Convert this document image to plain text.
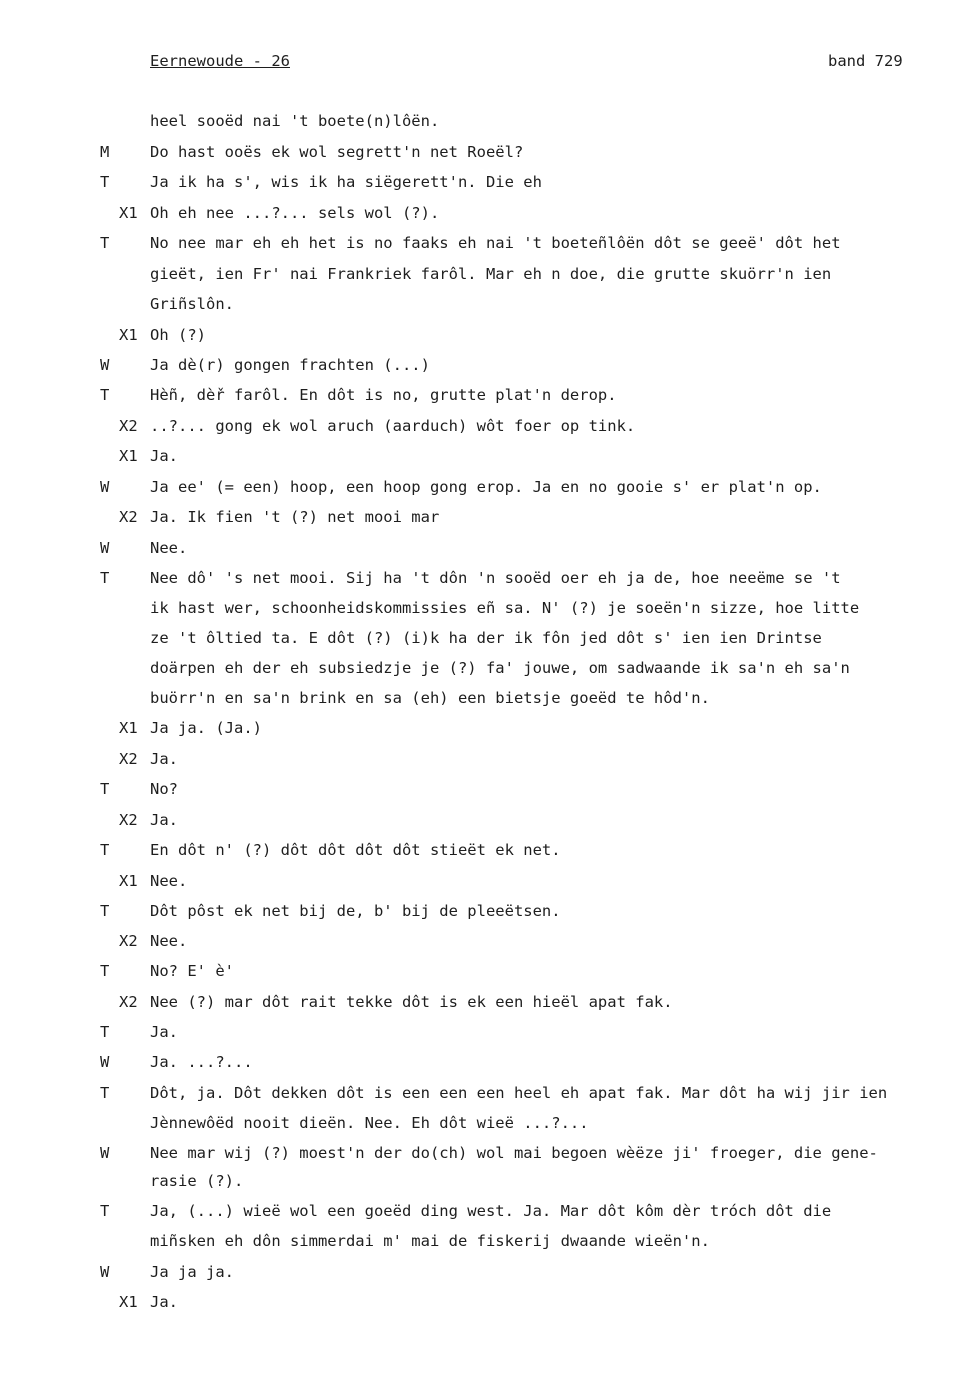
Eernewoude - 26	band 729
heel sooëd nai 't boete(n)lôën.
M	Do hast ooës ek wol segrett'n net Roeël?
T	Ja ik ha s', wis ik ha siëgerett'n. Die eh
X1 Oh eh nee ...?... sels wol (?).
T	No nee mar eh eh het is no faaks eh nai 't boeteñlôën dôt se geeë' dôt het
gieët, ien Fr' nai Frankriek farôl. Mar eh n doe, die grutte skuörr'n ien
Griñslôn.
X1 Oh (?)
W	Ja dè(r) gongen frachten (...)
T	Hèñ, dèř farôl. En dôt is no, grutte plat'n derop.
X2 ..?... gong ek wol aruch (aarduch) wôt foer op tink.
X1 Ja.
W	Ja ee' (= een) hoop, een hoop gong erop. Ja en no gooie s' er plat'n op.
X2 Ja. Ik fien 't (?) net mooi mar
W	Nee.
T	Nee dô' 's net mooi. Sij ha 't dôn 'n sooëd oer eh ja de, hoe neeëme se 't
ik hast wer, schoonheidskommissies eñ sa. N' (?) je soeën'n sizze, hoe litte
ze 't ôltied ta. E dôt (?) (i)k ha der ik fôn jed dôt s' ien ien Drintse
doärpen eh der eh subsiedzje je (?) fa' jouwe, om sadwaande ik sa'n eh sa'n
buörr'n en sa'n brink en sa (eh) een bietsje goeëd te hôd'n.
X1 Ja ja. (Ja.)
X2 Ja.
T	No?
X2 Ja.
T	En dôt n' (?) dôt dôt dôt dôt stieët ek net.
X1 Nee.
T	Dôt pôst ek net bij de, b' bij de pleeëtsen.
X2 Nee.
T	No? E' è'
X2 Nee (?) mar dôt rait tekke dôt is ek een hieël apat fak.
T	Ja.
W	Ja. ...?...
T	Dôt, ja. Dôt dekken dôt is een een een heel eh apat fak. Mar dôt ha wij jir ien
Jènnewôëd nooit dieën. Nee. Eh dôt wieë ...?...
W	Nee mar wij (?) moest'n der do(ch) wol mai begoen wèëze ji' froeger, die gene-
rasie (?).
T	Ja, (...) wieë wol een goeëd ding west. Ja. Mar dôt kôm dèr tróch dôt die
miñsken eh dôn simmerdai m' mai de fiskerij dwaande wieën'n.
W	Ja ja ja.
X1 Ja.
